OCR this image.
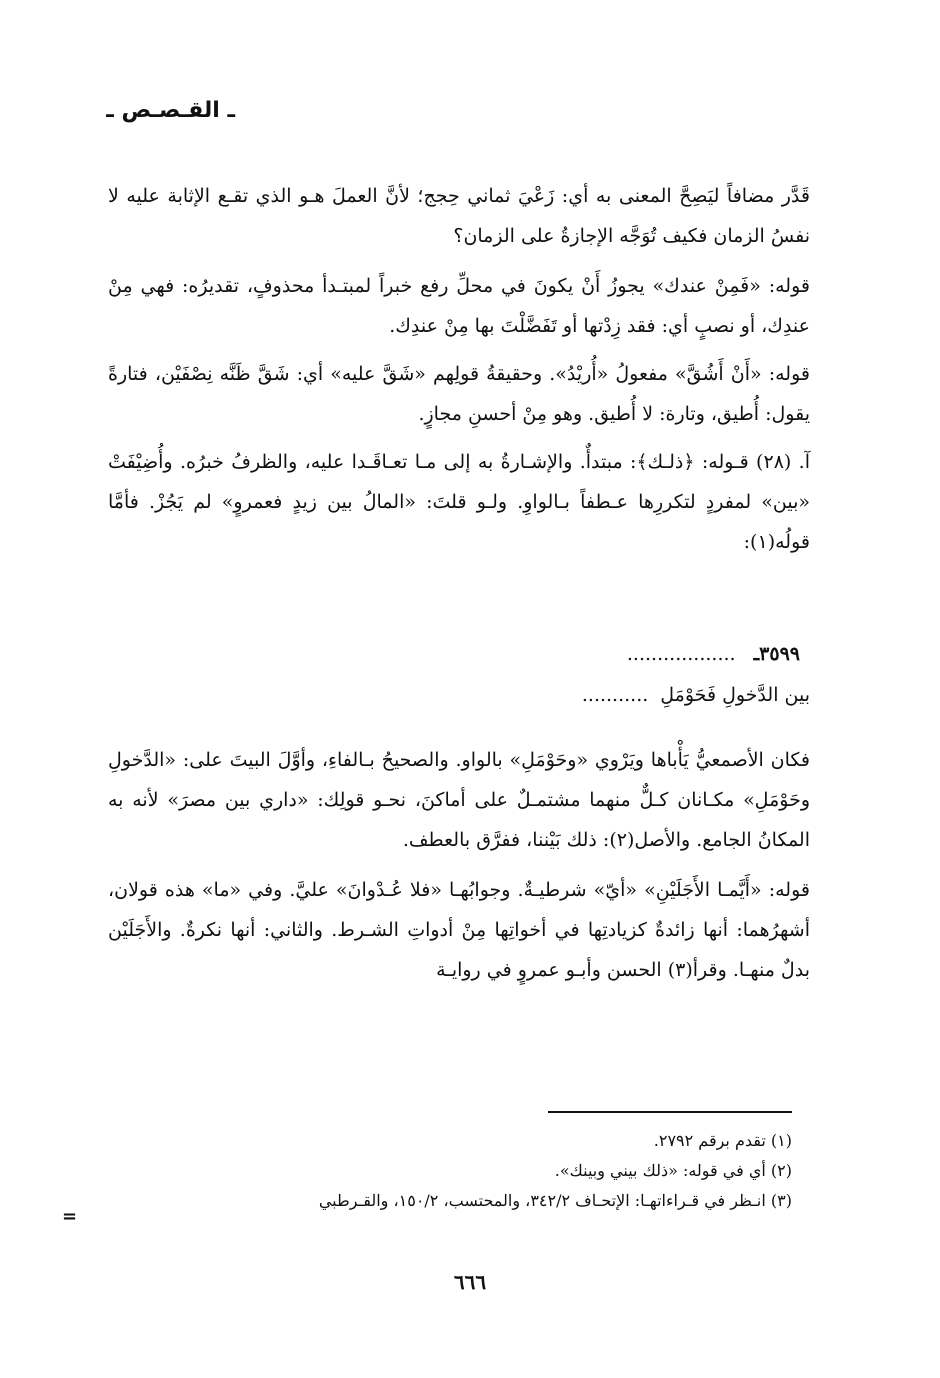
ـ القـصـص ـ

قَدَّر مضافاً ليَصِحَّ المعنى به أي: زَعْيَ ثماني حِجج؛ لأنَّ العملَ هـو الذي تقـع الإثابة عليه لا نفسُ الزمان فكيف تُوَجَّه الإجازةُ على الزمان؟

قوله: «فَمِنْ عندك» يجوزُ أَنْ يكونَ في محلِّ رفع خبراً لمبتـدأ محذوفٍ، تقديرُه: فهي مِنْ عندِك، أو نصبٍ أي: فقد زِدْتها أو تَفَضَّلْتَ بها مِنْ عندِك.

قوله: «أَنْ أَشُقَّ» مفعولُ «أُريْدُ». وحقيقةُ قولِهم «شَقَّ عليه» أي: شَقَّ ظَنَّه نِصْفَيْن، فتارةً يقول: أُطيق، وتارة: لا أُطيق. وهو مِنْ أحسنِ مجازٍ.

آ. (٢٨) قـوله: ﴿ذلـك﴾: مبتدأٌ. والإشـارةُ به إلى مـا تعـاقَـدا عليه، والظرفُ خبرُه. وأُضِيْفَتْ «بين» لمفردٍ لتكررِها عـطفاً بـالواوِ. ولـو قلتَ: «المالُ بين زيدٍ فعمروٍ» لم يَجُزْ. فأمَّا قولُه(١):

٣٥٩٩ـ..................
بين الدَّخولِ فَحَوْمَلِ...........

فكان الأصمعيُّ يَأْباها ويَرْوي «وحَوْمَلِ» بالواو. والصحيحُ بـالفاءِ، وأوَّلَ البيتَ على: «الدَّخولِ وحَوْمَلِ» مكـانان كـلٌّ منهما مشتمـلٌ على أماكنَ، نحـو قولِك: «داري بين مصرَ» لأنه به المكانُ الجامع. والأصل(٢): ذلك بَيْننا، ففرَّق بالعطف.

قوله: «أَيَّمـا الأَجَلَيْنِ» «أيّ» شرطيـةٌ. وجوابُهـا «فلا عُـدْوانَ» عليَّ. وفي «ما» هذه قولان، أشهرُهما: أنها زائدةٌ كزيادتِها في أخواتِها مِنْ أدواتِ الشـرط. والثاني: أنها نكرةٌ. والأَجَلَيْن بدلٌ منهـا. وقرأ(٣) الحسن وأبـو عمروٍ في روايـة

(١) تقدم برقم ٢٧٩٢.
(٢) أي في قوله: «ذلك بيني وبينك».
(٣) انـظر في قـراءاتهـا: الإتحـاف ٣٤٢/٢، والمحتسب، ١٥٠/٢، والقـرطبي
=
٦٦٦
